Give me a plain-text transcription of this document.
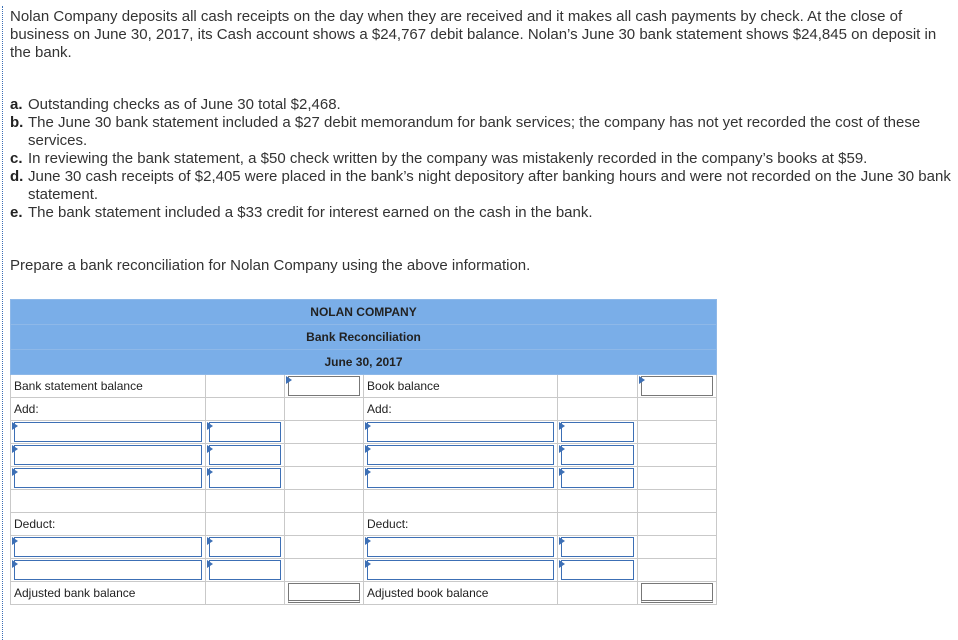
Nolan Company deposits all cash receipts on the day when they are received and it makes all cash payments by check. At the close of business on June 30, 2017, its Cash account shows a $24,767 debit balance. Nolan’s June 30 bank statement shows $24,845 on deposit in the bank.
a. Outstanding checks as of June 30 total $2,468.
b. The June 30 bank statement included a $27 debit memorandum for bank services; the company has not yet recorded the cost of these services.
c. In reviewing the bank statement, a $50 check written by the company was mistakenly recorded in the company’s books at $59.
d. June 30 cash receipts of $2,405 were placed in the bank’s night depository after banking hours and were not recorded on the June 30 bank statement.
e. The bank statement included a $33 credit for interest earned on the cash in the bank.
Prepare a bank reconciliation for Nolan Company using the above information.
NOLAN COMPANY					
Bank Reconciliation					
June 30, 2017					
Bank statement balance			Book balance		

Add:			Add:		

Deduct:			Deduct:		

Adjusted bank balance			Adjusted book balance		
